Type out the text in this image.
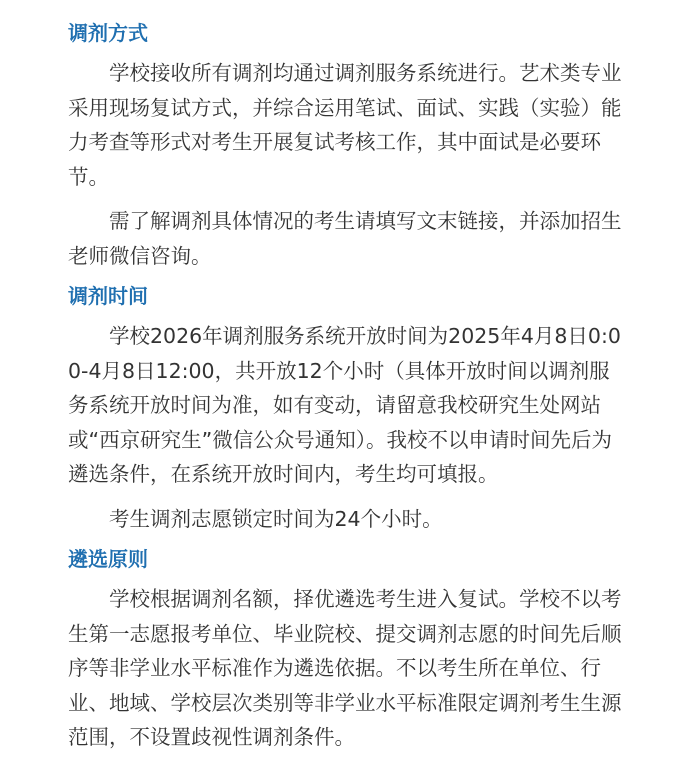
调剂方式

学校接收所有调剂均通过调剂服务系统进行。艺术类专业采用现场复试方式，并综合运用笔试、面试、实践（实验）能力考查等形式对考生开展复试考核工作，其中面试是必要环节。

需了解调剂具体情况的考生请填写文末链接，并添加招生老师微信咨询。

调剂时间

学校2026年调剂服务系统开放时间为2025年4月8日0:00-4月8日12:00，共开放12个小时（具体开放时间以调剂服务系统开放时间为准，如有变动，请留意我校研究生处网站或“西京研究生”微信公众号通知）。我校不以申请时间先后为遴选条件，在系统开放时间内，考生均可填报。

考生调剂志愿锁定时间为24个小时。

遴选原则

学校根据调剂名额，择优遴选考生进入复试。学校不以考生第一志愿报考单位、毕业院校、提交调剂志愿的时间先后顺序等非学业水平标准作为遴选依据。不以考生所在单位、行业、地域、学校层次类别等非学业水平标准限定调剂考生生源范围，不设置歧视性调剂条件。
